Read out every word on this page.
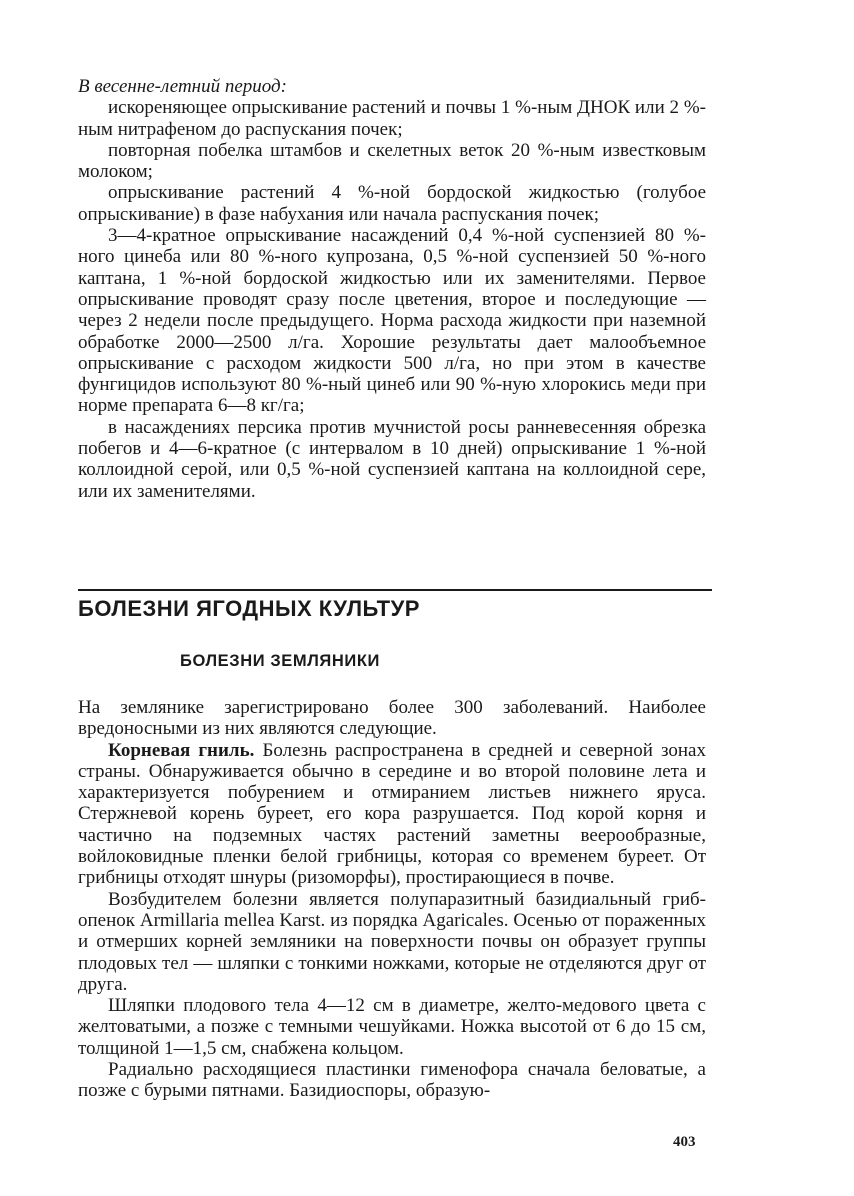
В весенне-летний период:

искореняющее опрыскивание растений и почвы 1 %-ным ДНОК или 2 %-ным нитрафеном до распускания почек;

повторная побелка штамбов и скелетных веток 20 %-ным известковым молоком;

опрыскивание растений 4 %-ной бордоской жидкостью (голубое опрыскивание) в фазе набухания или начала распускания почек;

3—4-кратное опрыскивание насаждений 0,4 %-ной суспензией 80 %-ного цинеба или 80 %-ного купрозана, 0,5 %-ной суспензией 50 %-ного каптана, 1 %-ной бордоской жидкостью или их заменителями. Первое опрыскивание проводят сразу после цветения, второе и последующие — через 2 недели после предыдущего. Норма расхода жидкости при наземной обработке 2000—2500 л/га. Хорошие результаты дает малообъемное опрыскивание с расходом жидкости 500 л/га, но при этом в качестве фунгицидов используют 80 %-ный цинеб или 90 %-ную хлорокись меди при норме препарата 6—8 кг/га;

в насаждениях персика против мучнистой росы ранневесенняя обрезка побегов и 4—6-кратное (с интервалом в 10 дней) опрыскивание 1 %-ной коллоидной серой, или 0,5 %-ной суспензией каптана на коллоидной сере, или их заменителями.

БОЛЕЗНИ ЯГОДНЫХ КУЛЬТУР
БОЛЕЗНИ ЗЕМЛЯНИКИ

На землянике зарегистрировано более 300 заболеваний. Наиболее вредоносными из них являются следующие.

Корневая гниль. Болезнь распространена в средней и северной зонах страны. Обнаруживается обычно в середине и во второй половине лета и характеризуется побурением и отмиранием листьев нижнего яруса. Стержневой корень буреет, его кора разрушается. Под корой корня и частично на подземных частях растений заметны веерообразные, войлоковидные пленки белой грибницы, которая со временем буреет. От грибницы отходят шнуры (ризоморфы), простирающиеся в почве.

Возбудителем болезни является полупаразитный базидиальный гриб-опенок Armillaria mellea Karst. из порядка Agaricales. Осенью от пораженных и отмерших корней земляники на поверхности почвы он образует группы плодовых тел — шляпки с тонкими ножками, которые не отделяются друг от друга.

Шляпки плодового тела 4—12 см в диаметре, желто-медового цвета с желтоватыми, а позже с темными чешуйками. Ножка высотой от 6 до 15 см, толщиной 1—1,5 см, снабжена кольцом.

Радиально расходящиеся пластинки гименофора сначала беловатые, а позже с бурыми пятнами. Базидиоспоры, образую-

403
